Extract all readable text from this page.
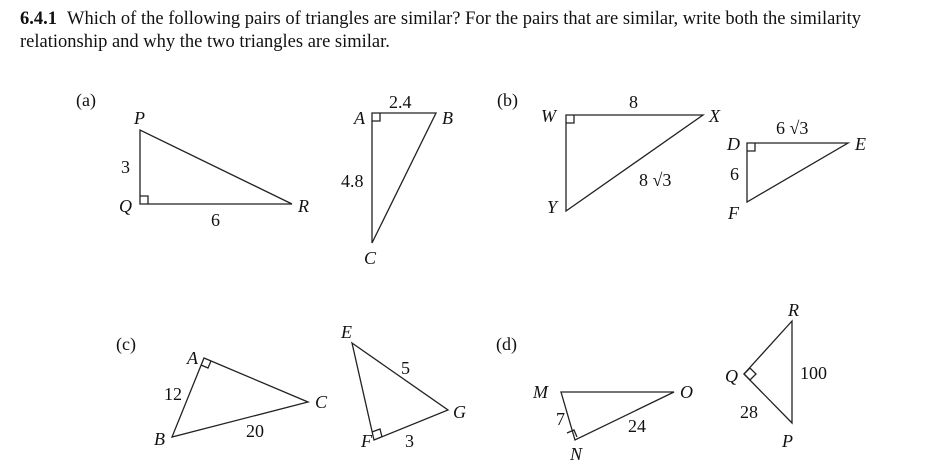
6.4.1 Which of the following pairs of triangles are similar? For the pairs that are similar, write both the similarity relationship and why the two triangles are similar.
(a)	(b)
(c)	(d)
P
Q	R
3
6
A	B
C
2.4
4.8
W	X
Y
8
8 √3
D	E
F
6 √3
6
A
B
C
12
20
E
F
G
5
3
M
N
O
7	24
R
Q
P
28
100
